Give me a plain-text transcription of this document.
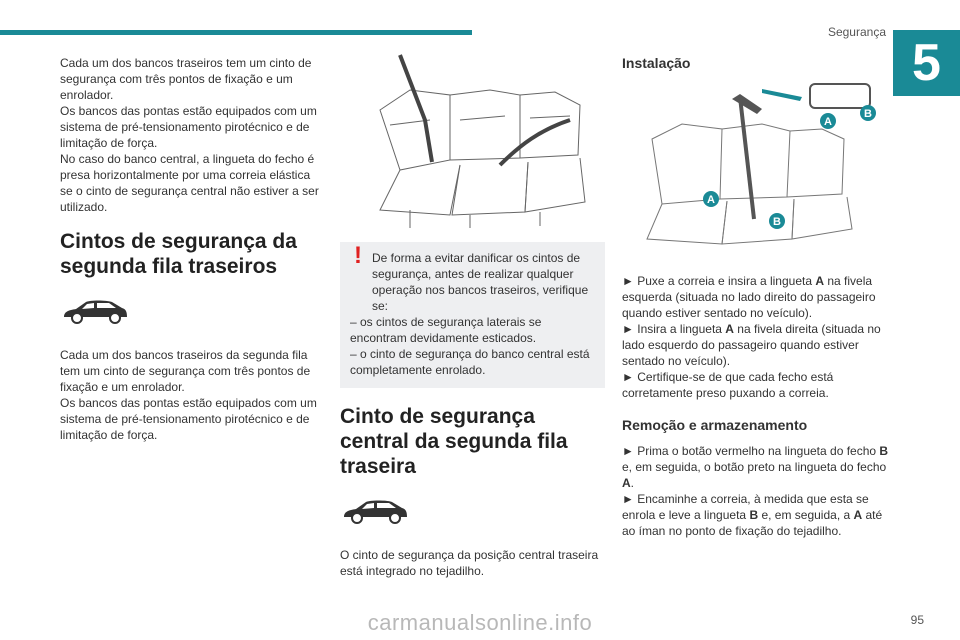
Segurança
5

Cada um dos bancos traseiros tem um cinto de segurança com três pontos de fixação e um enrolador.

Os bancos das pontas estão equipados com um sistema de pré-tensionamento pirotécnico e de limitação de força.

No caso do banco central, a lingueta do fecho é presa horizontalmente por uma correia elástica se o cinto de segurança central não estiver a ser utilizado.

Cintos de segurança da segunda fila traseiros

Cada um dos bancos traseiros da segunda fila tem um cinto de segurança com três pontos de fixação e um enrolador.

Os bancos das pontas estão equipados com um sistema de pré-tensionamento pirotécnico e de limitação de força.

! De forma a evitar danificar os cintos de segurança, antes de realizar qualquer operação nos bancos traseiros, verifique se:

– os cintos de segurança laterais se encontram devidamente esticados.

– o cinto de segurança do banco central está completamente enrolado.

Cinto de segurança central da segunda fila traseira

O cinto de segurança da posição central traseira está integrado no tejadilho.

Instalação
A
B
A
B

► Puxe a correia e insira a lingueta A na fivela esquerda (situada no lado direito do passageiro quando estiver sentado no veículo).

► Insira a lingueta A na fivela direita (situada no lado esquerdo do passageiro quando estiver sentado no veículo).

► Certifique-se de que cada fecho está corretamente preso puxando a correia.

Remoção e armazenamento

► Prima o botão vermelho na lingueta do fecho B e, em seguida, o botão preto na lingueta do fecho A.

► Encaminhe a correia, à medida que esta se enrola e leve a lingueta B e, em seguida, a A até ao íman no ponto de fixação do tejadilho.

95
carmanualsonline.info
